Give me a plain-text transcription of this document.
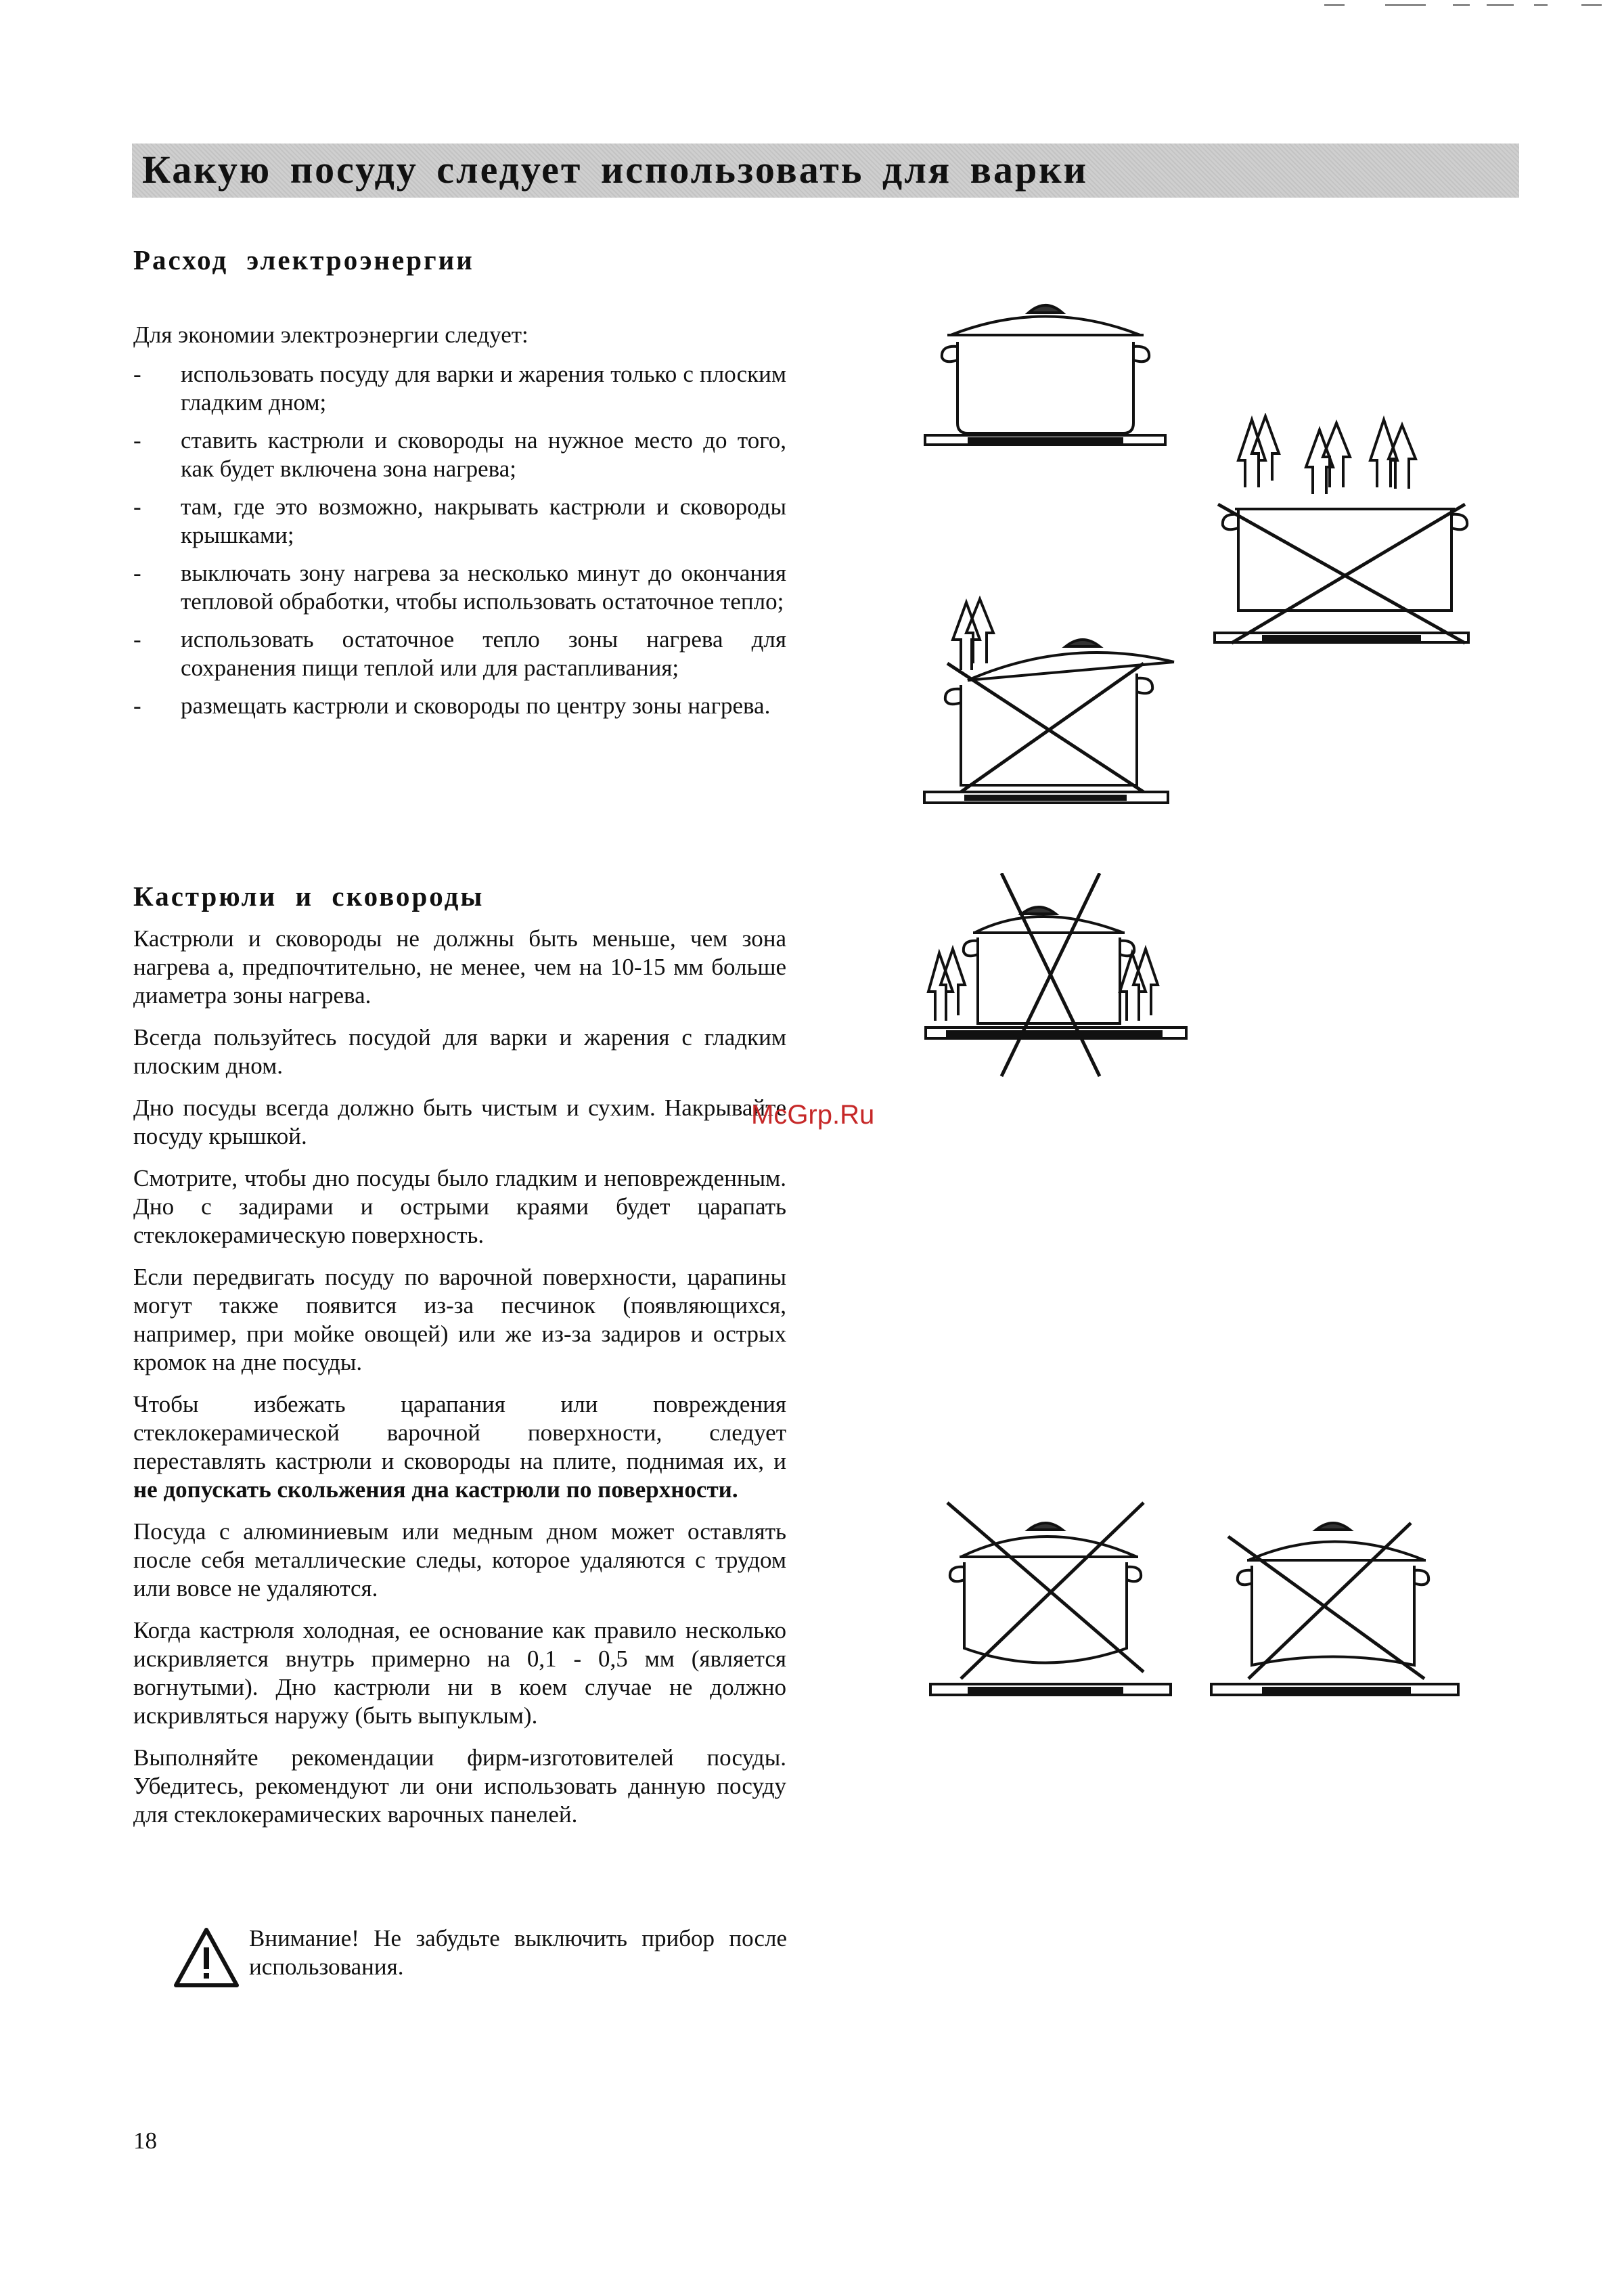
Какую посуду следует использовать для варки
Расход электроэнергии
Для экономии электроэнергии следует:
- использовать посуду для варки и жарения только с плоским гладким дном;
- ставить кастрюли и сковороды на нужное место до того, как будет включена зона нагрева;
- там, где это возможно, накрывать кастрюли и сковороды крышками;
- выключать зону нагрева за несколько минут до окончания тепловой обработки, чтобы использовать остаточное тепло;
- использовать остаточное тепло зоны нагрева для сохранения пищи теплой или для растапливания;
- размещать кастрюли и сковороды по центру зоны нагрева.
Кастрюли и сковороды

Кастрюли и сковороды не должны быть меньше, чем зона нагрева а, предпочтительно, не менее, чем на 10-15 мм больше диаметра зоны нагрева.

Всегда пользуйтесь посудой для варки и жарения с гладким плоским дном.

Дно посуды всегда должно быть чистым и сухим. Накрывайте посуду крышкой.

Смотрите, чтобы дно посуды было гладким и неповрежденным. Дно с задирами и острыми краями будет царапать стеклокерамическую поверхность.

Если передвигать посуду по варочной поверхности, царапины могут также появится из-за песчинок (появляющихся, например, при мойке овощей) или же из-за задиров и острых кромок на дне посуды.

Чтобы избежать царапания или повреждения стеклокерамической варочной поверхности, следует переставлять кастрюли и сковороды на плите, поднимая их, и не допускать скольжения дна кастрюли по поверхности.

Посуда с алюминиевым или медным дном может оставлять после себя металлические следы, которое удаляются с трудом или вовсе не удаляются.

Когда кастрюля холодная, ее основание как правило несколько искривляется внутрь примерно на 0,1 - 0,5 мм (является вогнутыми). Дно кастрюли ни в коем случае не должно искривляться наружу (быть выпуклым).

Выполняйте рекомендации фирм-изготовителей посуды. Убедитесь, рекомендуют ли они использовать данную посуду для стеклокерамических варочных панелей.

Внимание! Не забудьте выключить прибор после использования.
18
McGrp.Ru
